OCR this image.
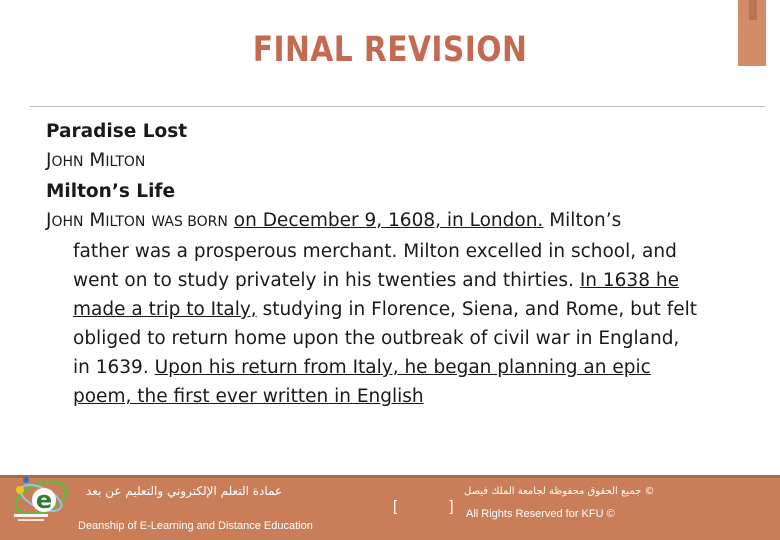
FINAL REVISION
Paradise Lost
JOHN MILTON
Milton’s Life
JOHN MILTON WAS BORN on December 9, 1608, in London. Milton’s
father was a prosperous merchant. Milton excelled in school, and
went on to study privately in his twenties and thirties. In 1638 he
made a trip to Italy, studying in Florence, Siena, and Rome, but felt
obliged to return home upon the outbreak of civil war in England,
in 1639. Upon his return from Italy, he began planning an epic
poem, the first ever written in English
عمادة التعلم الإلكتروني والتعليم عن بعد
Deanship of E-Learning and Distance Education
[ ]
جميع الحقوق محفوظة لجامعة الملك فيصل ©
All Rights Reserved for KFU ©
e
